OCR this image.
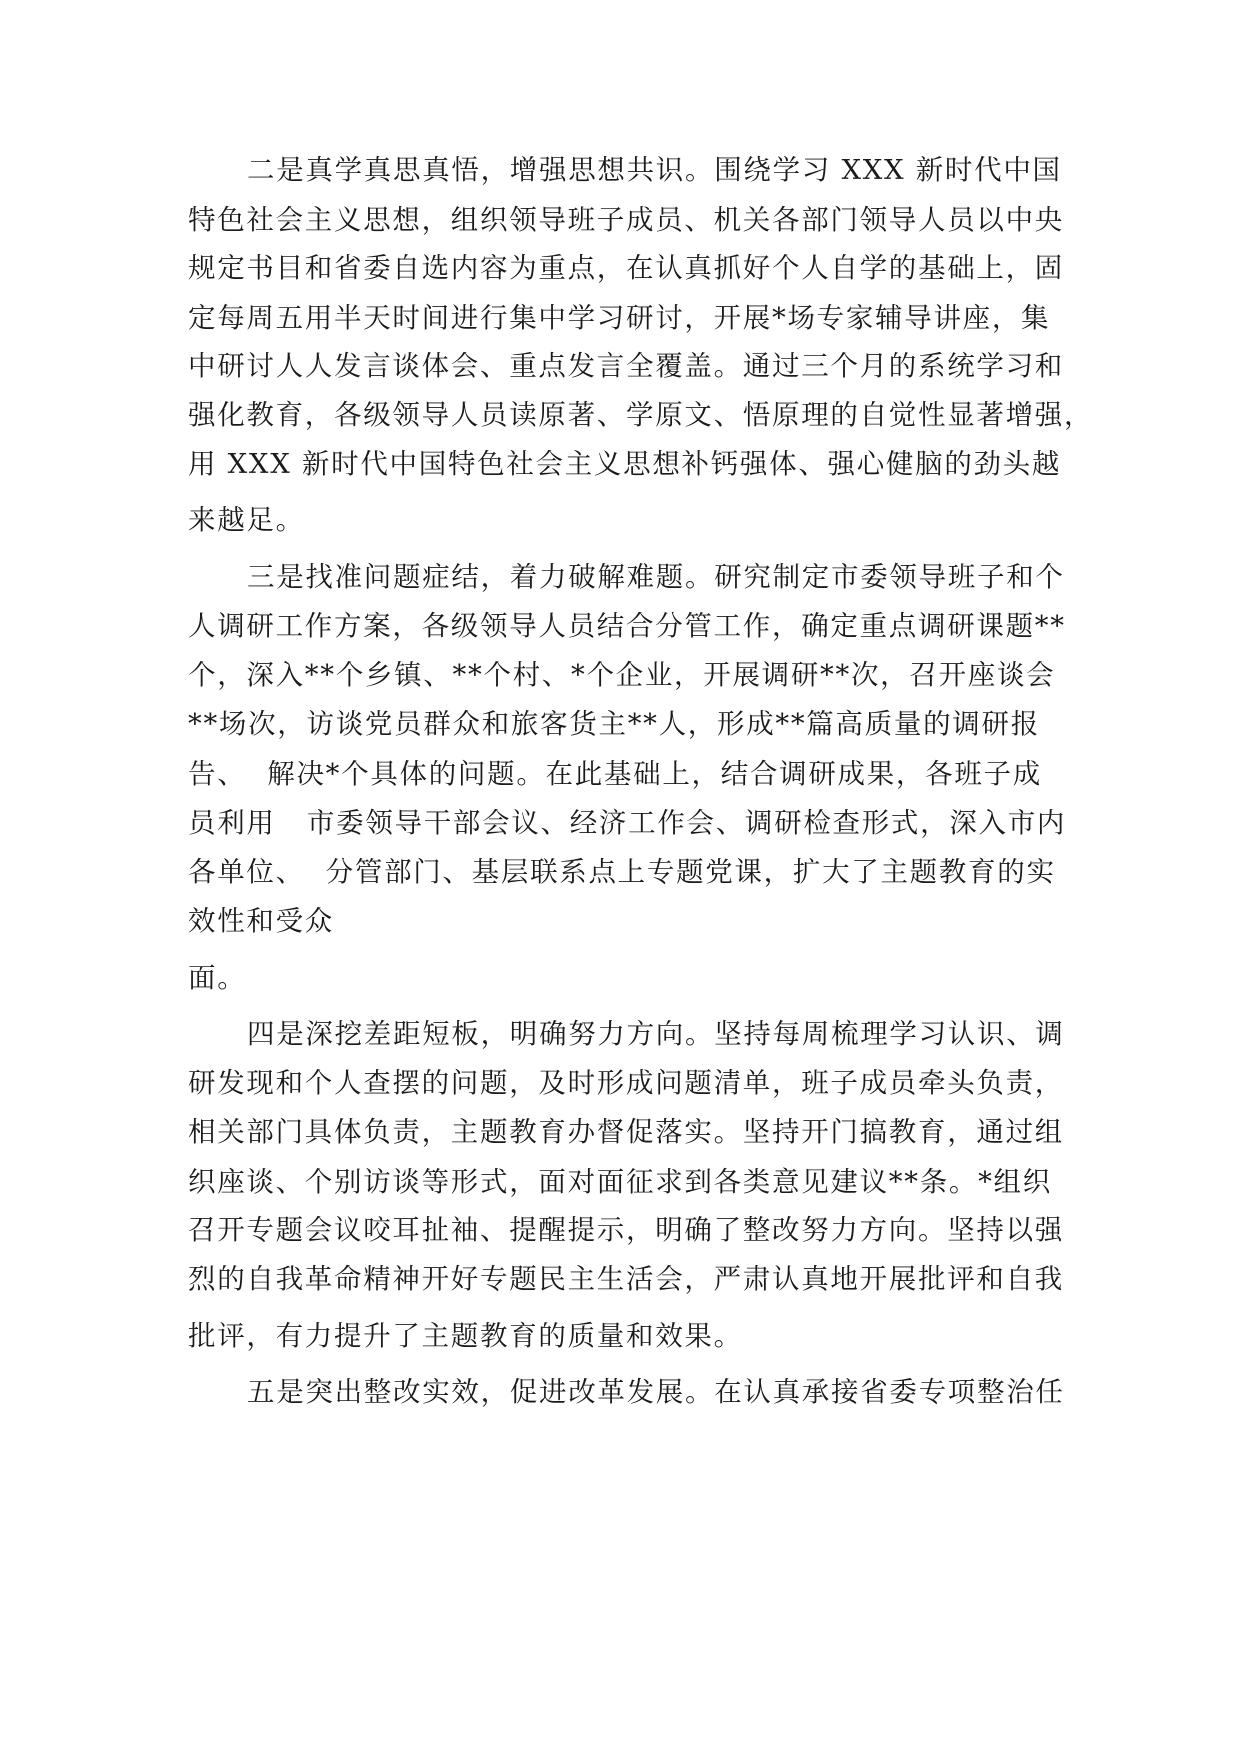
二是真学真思真悟，增强思想共识。围绕学习 XXX 新时代中国

特色社会主义思想，组织领导班子成员、机关各部门领导人员以中央

规定书目和省委自选内容为重点，在认真抓好个人自学的基础上，固

定每周五用半天时间进行集中学习研讨，开展*场专家辅导讲座，集

中研讨人人发言谈体会、重点发言全覆盖。通过三个月的系统学习和

强化教育，各级领导人员读原著、学原文、悟原理的自觉性显著增强，

用 XXX 新时代中国特色社会主义思想补钙强体、强心健脑的劲头越

来越足。

三是找准问题症结，着力破解难题。研究制定市委领导班子和个

人调研工作方案，各级领导人员结合分管工作，确定重点调研课题**

个，深入**个乡镇、**个村、*个企业，开展调研**次，召开座谈会

**场次，访谈党员群众和旅客货主**人，形成**篇高质量的调研报

告、  解决*个具体的问题。在此基础上，结合调研成果，各班子成

员利用   市委领导干部会议、经济工作会、调研检查形式，深入市内

各单位、  分管部门、基层联系点上专题党课，扩大了主题教育的实

效性和受众

面。

四是深挖差距短板，明确努力方向。坚持每周梳理学习认识、调

研发现和个人查摆的问题，及时形成问题清单，班子成员牵头负责，

相关部门具体负责，主题教育办督促落实。坚持开门搞教育，通过组

织座谈、个别访谈等形式，面对面征求到各类意见建议**条。*组织

召开专题会议咬耳扯袖、提醒提示，明确了整改努力方向。坚持以强

烈的自我革命精神开好专题民主生活会，严肃认真地开展批评和自我

批评，有力提升了主题教育的质量和效果。

五是突出整改实效，促进改革发展。在认真承接省委专项整治任
